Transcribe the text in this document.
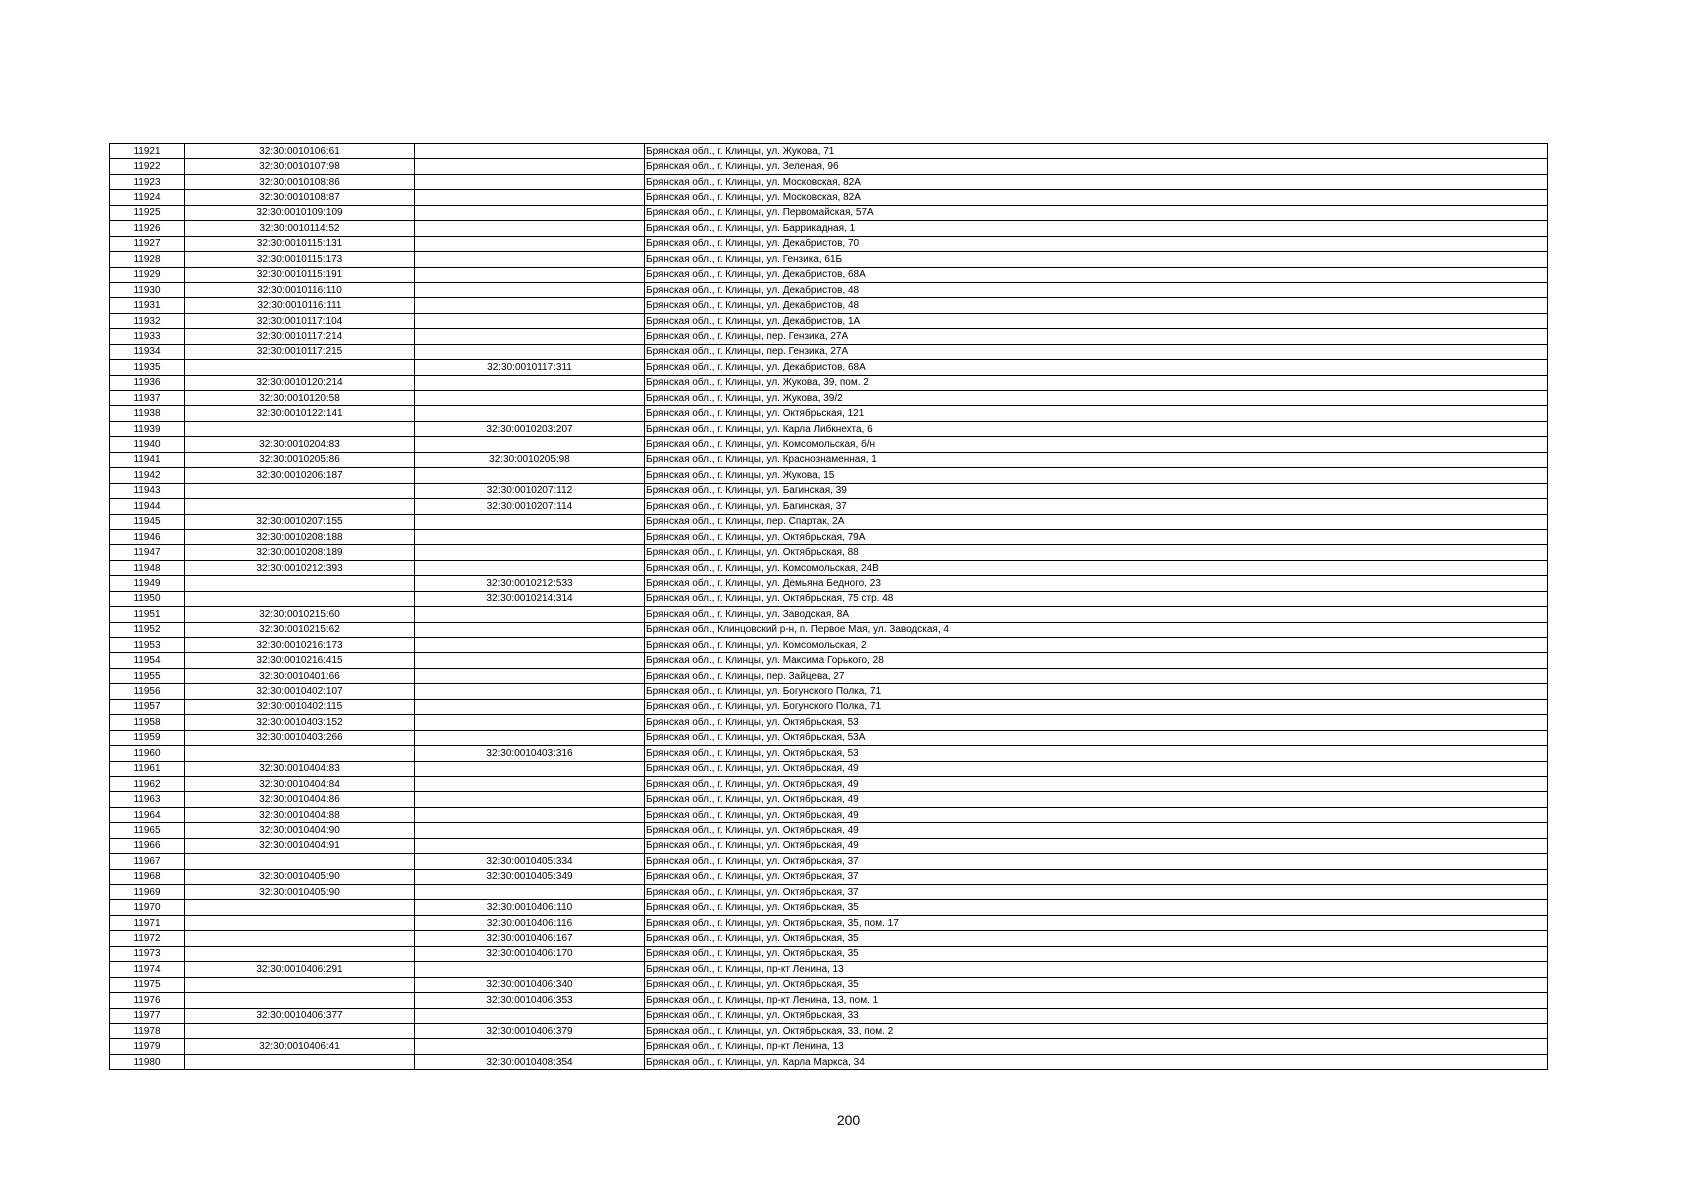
11921	32:30:0010106:61		Брянская обл., г. Клинцы, ул. Жукова, 71
11922	32:30:0010107:98		Брянская обл., г. Клинцы, ул. Зеленая, 96
11923	32:30:0010108:86		Брянская обл., г. Клинцы, ул. Московская, 82А
11924	32:30:0010108:87		Брянская обл., г. Клинцы, ул. Московская, 82А
11925	32:30:0010109:109		Брянская обл., г. Клинцы, ул. Первомайская, 57А
11926	32:30:0010114:52		Брянская обл., г. Клинцы, ул. Баррикадная, 1
11927	32:30:0010115:131		Брянская обл., г. Клинцы, ул. Декабристов, 70
11928	32:30:0010115:173		Брянская обл., г. Клинцы, ул. Гензика, 61Б
11929	32:30:0010115:191		Брянская обл., г. Клинцы, ул. Декабристов, 68А
11930	32:30:0010116:110		Брянская обл., г. Клинцы, ул. Декабристов, 48
11931	32:30:0010116:111		Брянская обл., г. Клинцы, ул. Декабристов, 48
11932	32:30:0010117:104		Брянская обл., г. Клинцы, ул. Декабристов, 1А
11933	32:30:0010117:214		Брянская обл., г. Клинцы, пер. Гензика, 27А
11934	32:30:0010117:215		Брянская обл., г. Клинцы, пер. Гензика, 27А
11935		32:30:0010117:311	Брянская обл., г. Клинцы, ул. Декабристов, 68А
11936	32:30:0010120:214		Брянская обл., г. Клинцы, ул. Жукова, 39, пом. 2
11937	32:30:0010120:58		Брянская обл., г. Клинцы, ул. Жукова, 39/2
11938	32:30:0010122:141		Брянская обл., г. Клинцы, ул. Октябрьская, 121
11939		32:30:0010203:207	Брянская обл., г. Клинцы, ул. Карла Либкнехта, 6
11940	32:30:0010204:83		Брянская обл., г. Клинцы, ул. Комсомольская, б/н
11941	32:30:0010205:86	32:30:0010205:98	Брянская обл., г. Клинцы, ул. Краснознаменная, 1
11942	32:30:0010206:187		Брянская обл., г. Клинцы, ул. Жукова, 15
11943		32:30:0010207:112	Брянская обл., г. Клинцы, ул. Багинская, 39
11944		32:30:0010207:114	Брянская обл., г. Клинцы, ул. Багинская, 37
11945	32:30:0010207:155		Брянская обл., г. Клинцы, пер. Спартак, 2А
11946	32:30:0010208:188		Брянская обл., г. Клинцы, ул. Октябрьская, 79А
11947	32:30:0010208:189		Брянская обл., г. Клинцы, ул. Октябрьская, 88
11948	32:30:0010212:393		Брянская обл., г. Клинцы, ул. Комсомольская, 24В
11949		32:30:0010212:533	Брянская обл., г. Клинцы, ул. Демьяна Бедного, 23
11950		32:30:0010214:314	Брянская обл., г. Клинцы, ул. Октябрьская, 75 стр. 48
11951	32:30:0010215:60		Брянская обл., г. Клинцы, ул. Заводская, 8А
11952	32:30:0010215:62		Брянская обл., Клинцовский р-н, п. Первое Мая, ул. Заводская, 4
11953	32:30:0010216:173		Брянская обл., г. Клинцы, ул. Комсомольская, 2
11954	32:30:0010216:415		Брянская обл., г. Клинцы, ул. Максима Горького, 28
11955	32:30:0010401:66		Брянская обл., г. Клинцы, пер. Зайцева, 27
11956	32:30:0010402:107		Брянская обл., г. Клинцы, ул. Богунского Полка, 71
11957	32:30:0010402:115		Брянская обл., г. Клинцы, ул. Богунского Полка, 71
11958	32:30:0010403:152		Брянская обл., г. Клинцы, ул. Октябрьская, 53
11959	32:30:0010403:266		Брянская обл., г. Клинцы, ул. Октябрьская, 53А
11960		32:30:0010403:316	Брянская обл., г. Клинцы, ул. Октябрьская, 53
11961	32:30:0010404:83		Брянская обл., г. Клинцы, ул. Октябрьская, 49
11962	32:30:0010404:84		Брянская обл., г. Клинцы, ул. Октябрьская, 49
11963	32:30:0010404:86		Брянская обл., г. Клинцы, ул. Октябрьская, 49
11964	32:30:0010404:88		Брянская обл., г. Клинцы, ул. Октябрьская, 49
11965	32:30:0010404:90		Брянская обл., г. Клинцы, ул. Октябрьская, 49
11966	32:30:0010404:91		Брянская обл., г. Клинцы, ул. Октябрьская, 49
11967		32:30:0010405:334	Брянская обл., г. Клинцы, ул. Октябрьская, 37
11968	32:30:0010405:90	32:30:0010405:349	Брянская обл., г. Клинцы, ул. Октябрьская, 37
11969	32:30:0010405:90		Брянская обл., г. Клинцы, ул. Октябрьская, 37
11970		32:30:0010406:110	Брянская обл., г. Клинцы, ул. Октябрьская, 35
11971		32:30:0010406:116	Брянская обл., г. Клинцы, ул. Октябрьская, 35, пом. 17
11972		32:30:0010406:167	Брянская обл., г. Клинцы, ул. Октябрьская, 35
11973		32:30:0010406:170	Брянская обл., г. Клинцы, ул. Октябрьская, 35
11974	32:30:0010406:291		Брянская обл., г. Клинцы, пр-кт Ленина, 13
11975		32:30:0010406:340	Брянская обл., г. Клинцы, ул. Октябрьская, 35
11976		32:30:0010406:353	Брянская обл., г. Клинцы, пр-кт Ленина, 13, пом. 1
11977	32:30:0010406:377		Брянская обл., г. Клинцы, ул. Октябрьская, 33
11978		32:30:0010406:379	Брянская обл., г. Клинцы, ул. Октябрьская, 33, пом. 2
11979	32:30:0010406:41		Брянская обл., г. Клинцы, пр-кт Ленина, 13
11980		32:30:0010408:354	Брянская обл., г. Клинцы, ул. Карла Маркса, 34
200
